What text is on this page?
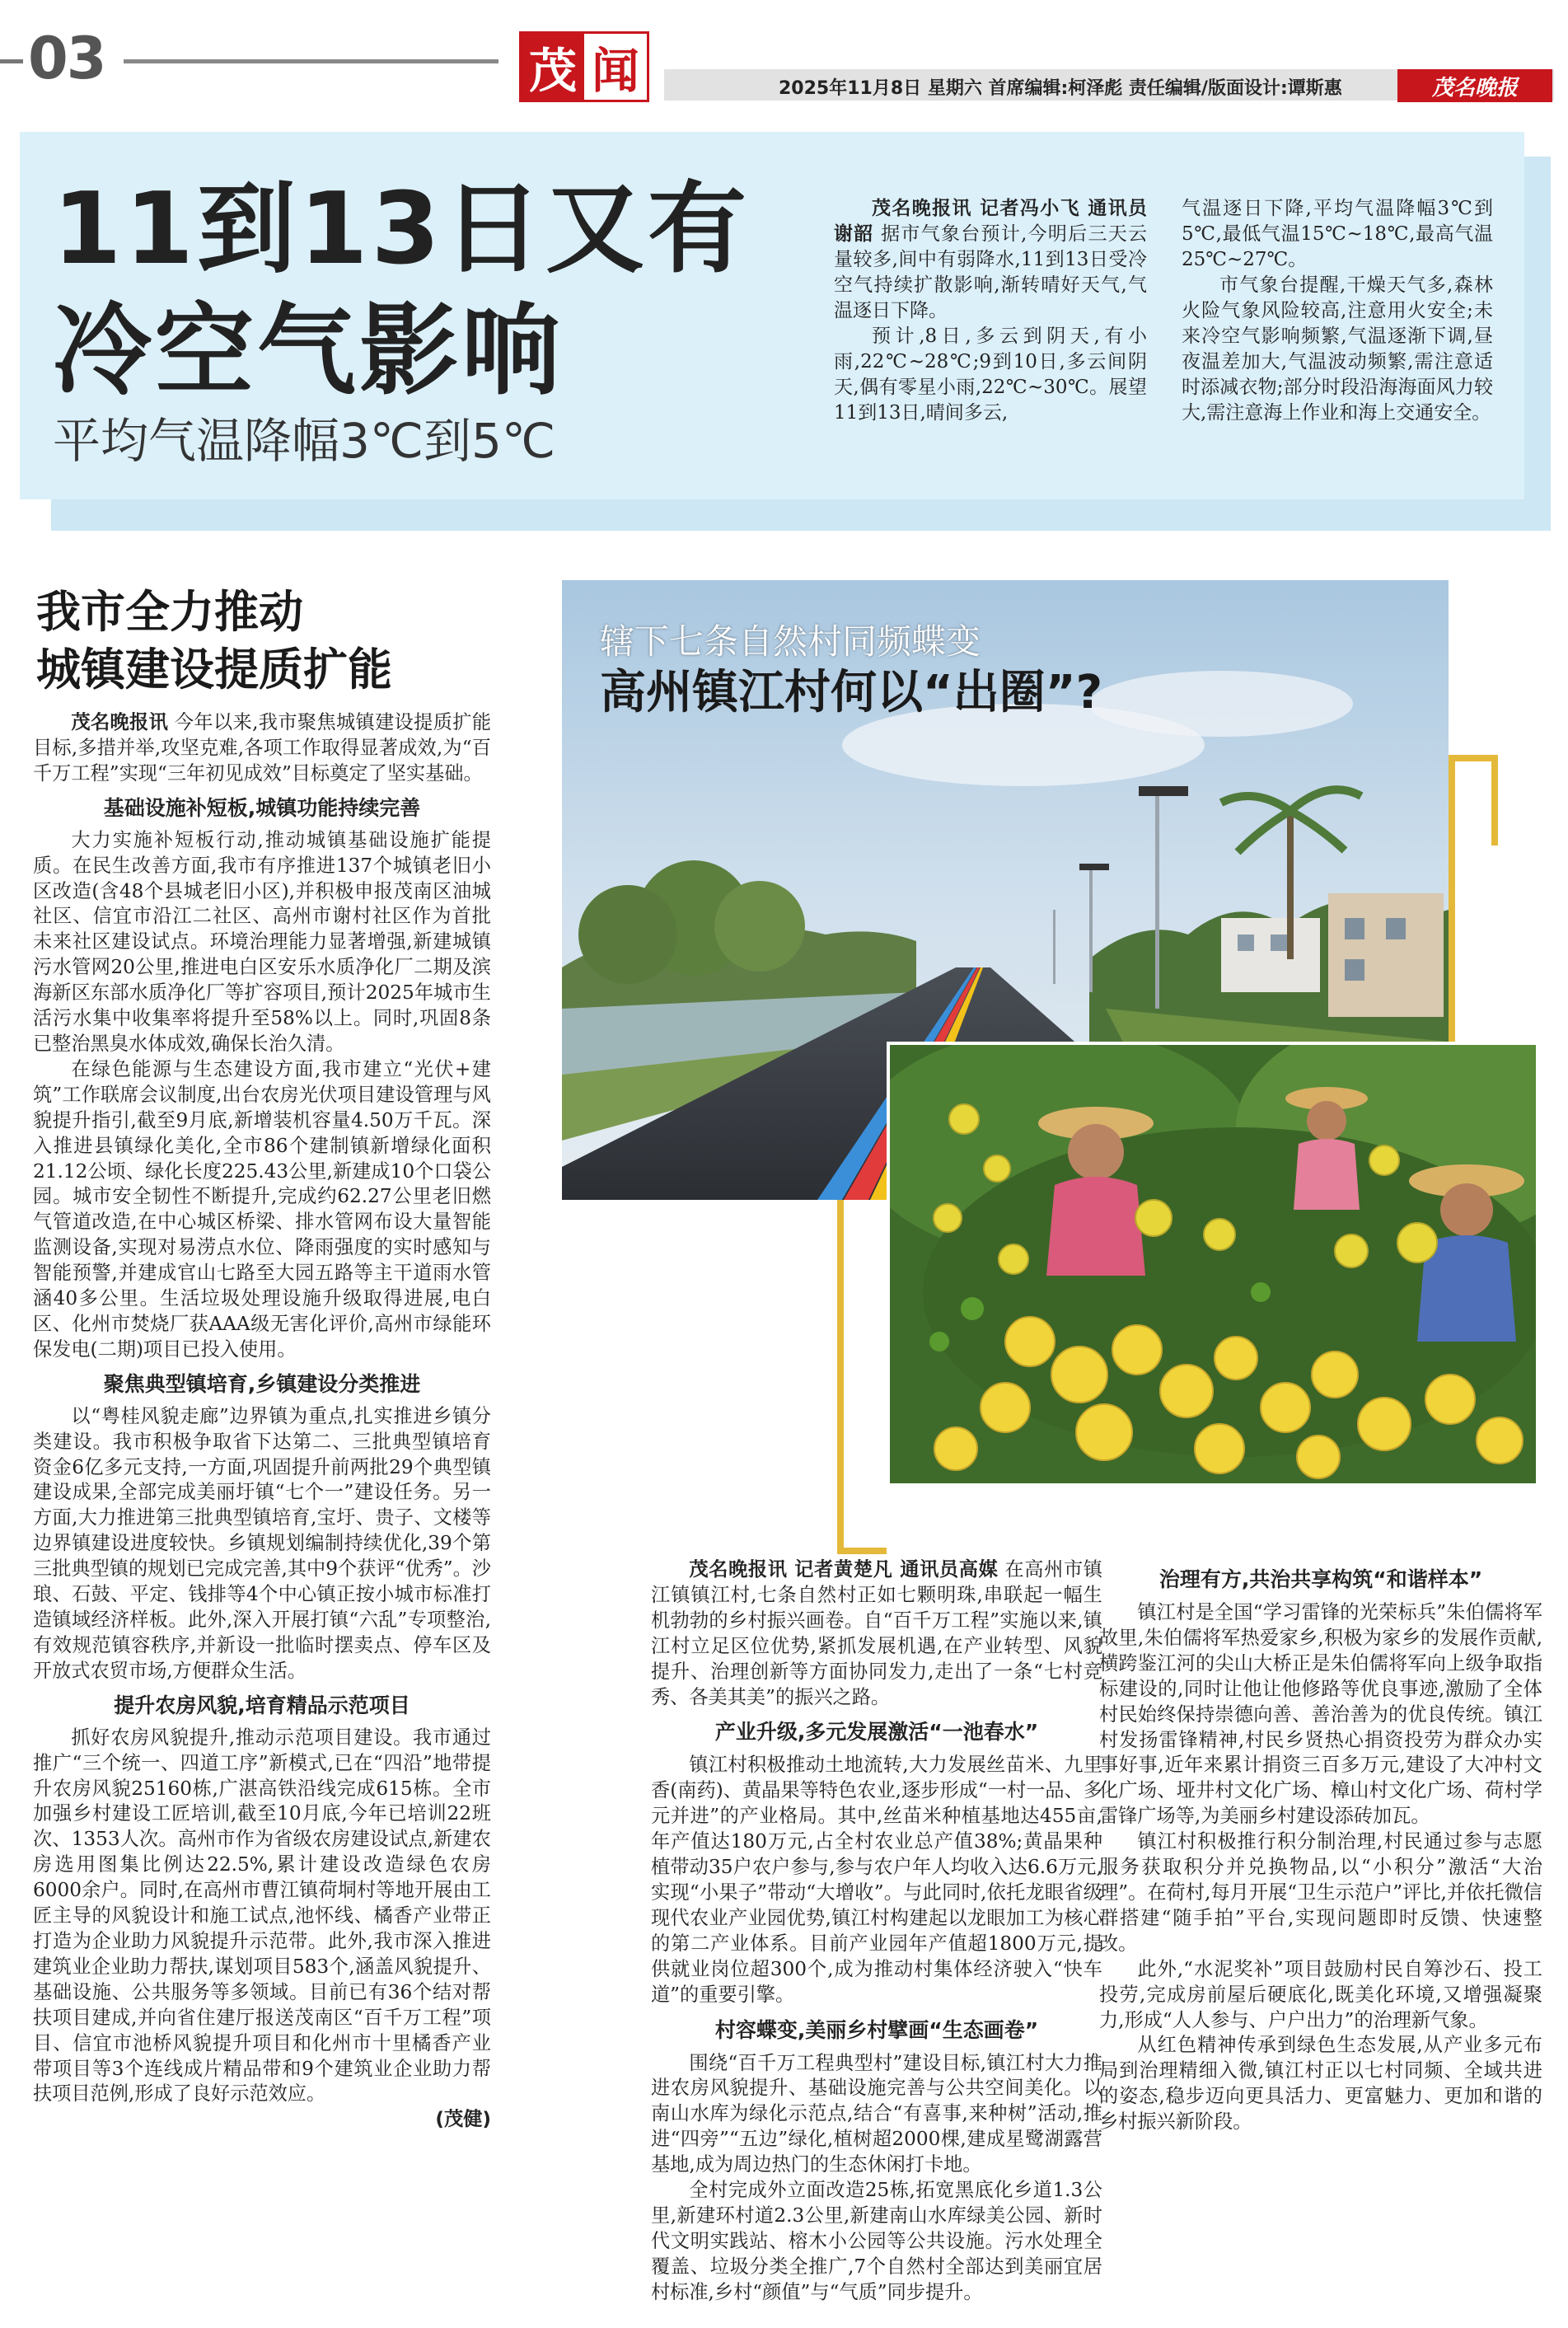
03	茂 闻	2025年11月8日 星期六 首席编辑:柯泽彪 责任编辑/版面设计:谭斯惠	茂名晚报
11到13日又有
冷空气影响
平均气温降幅3℃到5℃

茂名晚报讯 记者冯小飞 通讯员谢韶 据市气象台预计,今明后三天云量较多,间中有弱降水,11到13日受冷空气持续扩散影响,渐转晴好天气,气温逐日下降。

预计,8日,多云到阴天,有小雨,22℃~28℃;9到10日,多云间阴天,偶有零星小雨,22℃~30℃。展望11到13日,晴间多云,

气温逐日下降,平均气温降幅3℃到5℃,最低气温15℃~18℃,最高气温25℃~27℃。

市气象台提醒,干燥天气多,森林火险气象风险较高,注意用火安全;未来冷空气影响频繁,气温逐渐下调,昼夜温差加大,气温波动频繁,需注意适时添减衣物;部分时段沿海海面风力较大,需注意海上作业和海上交通安全。

我市全力推动
城镇建设提质扩能

茂名晚报讯 今年以来,我市聚焦城镇建设提质扩能目标,多措并举,攻坚克难,各项工作取得显著成效,为“百千万工程”实现“三年初见成效”目标奠定了坚实基础。

基础设施补短板,城镇功能持续完善

大力实施补短板行动,推动城镇基础设施扩能提质。在民生改善方面,我市有序推进137个城镇老旧小区改造(含48个县城老旧小区),并积极申报茂南区油城社区、信宜市沿江二社区、高州市谢村社区作为首批未来社区建设试点。环境治理能力显著增强,新建城镇污水管网20公里,推进电白区安乐水质净化厂二期及滨海新区东部水质净化厂等扩容项目,预计2025年城市生活污水集中收集率将提升至58%以上。同时,巩固8条已整治黑臭水体成效,确保长治久清。

在绿色能源与生态建设方面,我市建立“光伏+建筑”工作联席会议制度,出台农房光伏项目建设管理与风貌提升指引,截至9月底,新增装机容量4.50万千瓦。深入推进县镇绿化美化,全市86个建制镇新增绿化面积21.12公顷、绿化长度225.43公里,新建成10个口袋公园。城市安全韧性不断提升,完成约62.27公里老旧燃气管道改造,在中心城区桥梁、排水管网布设大量智能监测设备,实现对易涝点水位、降雨强度的实时感知与智能预警,并建成官山七路至大园五路等主干道雨水管涵40多公里。生活垃圾处理设施升级取得进展,电白区、化州市焚烧厂获AAA级无害化评价,高州市绿能环保发电(二期)项目已投入使用。

聚焦典型镇培育,乡镇建设分类推进

以“粤桂风貌走廊”边界镇为重点,扎实推进乡镇分类建设。我市积极争取省下达第二、三批典型镇培育资金6亿多元支持,一方面,巩固提升前两批29个典型镇建设成果,全部完成美丽圩镇“七个一”建设任务。另一方面,大力推进第三批典型镇培育,宝圩、贵子、文楼等边界镇建设进度较快。乡镇规划编制持续优化,39个第三批典型镇的规划已完成完善,其中9个获评“优秀”。沙琅、石鼓、平定、钱排等4个中心镇正按小城市标准打造镇域经济样板。此外,深入开展打镇“六乱”专项整治,有效规范镇容秩序,并新设一批临时摆卖点、停车区及开放式农贸市场,方便群众生活。

提升农房风貌,培育精品示范项目

抓好农房风貌提升,推动示范项目建设。我市通过推广“三个统一、四道工序”新模式,已在“四沿”地带提升农房风貌25160栋,广湛高铁沿线完成615栋。全市加强乡村建设工匠培训,截至10月底,今年已培训22班次、1353人次。高州市作为省级农房建设试点,新建农房选用图集比例达22.5%,累计建设改造绿色农房6000余户。同时,在高州市曹江镇荷垌村等地开展由工匠主导的风貌设计和施工试点,池怀线、橘香产业带正打造为企业助力风貌提升示范带。此外,我市深入推进建筑业企业助力帮扶,谋划项目583个,涵盖风貌提升、基础设施、公共服务等多领域。目前已有36个结对帮扶项目建成,并向省住建厅报送茂南区“百千万工程”项目、信宜市池桥风貌提升项目和化州市十里橘香产业带项目等3个连线成片精品带和9个建筑业企业助力帮扶项目范例,形成了良好示范效应。

(茂健)
辖下七条自然村同频蝶变
高州镇江村何以“出圈”?

茂名晚报讯 记者黄楚凡 通讯员高媒 在高州市镇江镇镇江村,七条自然村正如七颗明珠,串联起一幅生机勃勃的乡村振兴画卷。自“百千万工程”实施以来,镇江村立足区位优势,紧抓发展机遇,在产业转型、风貌提升、治理创新等方面协同发力,走出了一条“七村竞秀、各美其美”的振兴之路。

产业升级,多元发展激活“一池春水”

镇江村积极推动土地流转,大力发展丝苗米、九里香(南药)、黄晶果等特色农业,逐步形成“一村一品、多元并进”的产业格局。其中,丝苗米种植基地达455亩,年产值达180万元,占全村农业总产值38%;黄晶果种植带动35户农户参与,参与农户年人均收入达6.6万元,实现“小果子”带动“大增收”。与此同时,依托龙眼省级现代农业产业园优势,镇江村构建起以龙眼加工为核心的第二产业体系。目前产业园年产值超1800万元,提供就业岗位超300个,成为推动村集体经济驶入“快车道”的重要引擎。

村容蝶变,美丽乡村擘画“生态画卷”

围绕“百千万工程典型村”建设目标,镇江村大力推进农房风貌提升、基础设施完善与公共空间美化。以南山水库为绿化示范点,结合“有喜事,来种树”活动,推进“四旁”“五边”绿化,植树超2000棵,建成星鹭湖露营基地,成为周边热门的生态休闲打卡地。

全村完成外立面改造25栋,拓宽黑底化乡道1.3公里,新建环村道2.3公里,新建南山水库绿美公园、新时代文明实践站、榕木小公园等公共设施。污水处理全覆盖、垃圾分类全推广,7个自然村全部达到美丽宜居村标准,乡村“颜值”与“气质”同步提升。

治理有方,共治共享构筑“和谐样本”

镇江村是全国“学习雷锋的光荣标兵”朱伯儒将军故里,朱伯儒将军热爱家乡,积极为家乡的发展作贡献,横跨鉴江河的尖山大桥正是朱伯儒将军向上级争取指标建设的,同时让他让他修路等优良事迹,激励了全体村民始终保持崇德向善、善治善为的优良传统。镇江村发扬雷锋精神,村民乡贤热心捐资投劳为群众办实事好事,近年来累计捐资三百多万元,建设了大冲村文化广场、垭井村文化广场、樟山村文化广场、荷村学雷锋广场等,为美丽乡村建设添砖加瓦。

镇江村积极推行积分制治理,村民通过参与志愿服务获取积分并兑换物品,以“小积分”激活“大治理”。在荷村,每月开展“卫生示范户”评比,并依托微信群搭建“随手拍”平台,实现问题即时反馈、快速整改。

此外,“水泥奖补”项目鼓励村民自筹沙石、投工投劳,完成房前屋后硬底化,既美化环境,又增强凝聚力,形成“人人参与、户户出力”的治理新气象。

从红色精神传承到绿色生态发展,从产业多元布局到治理精细入微,镇江村正以七村同频、全域共进的姿态,稳步迈向更具活力、更富魅力、更加和谐的乡村振兴新阶段。
